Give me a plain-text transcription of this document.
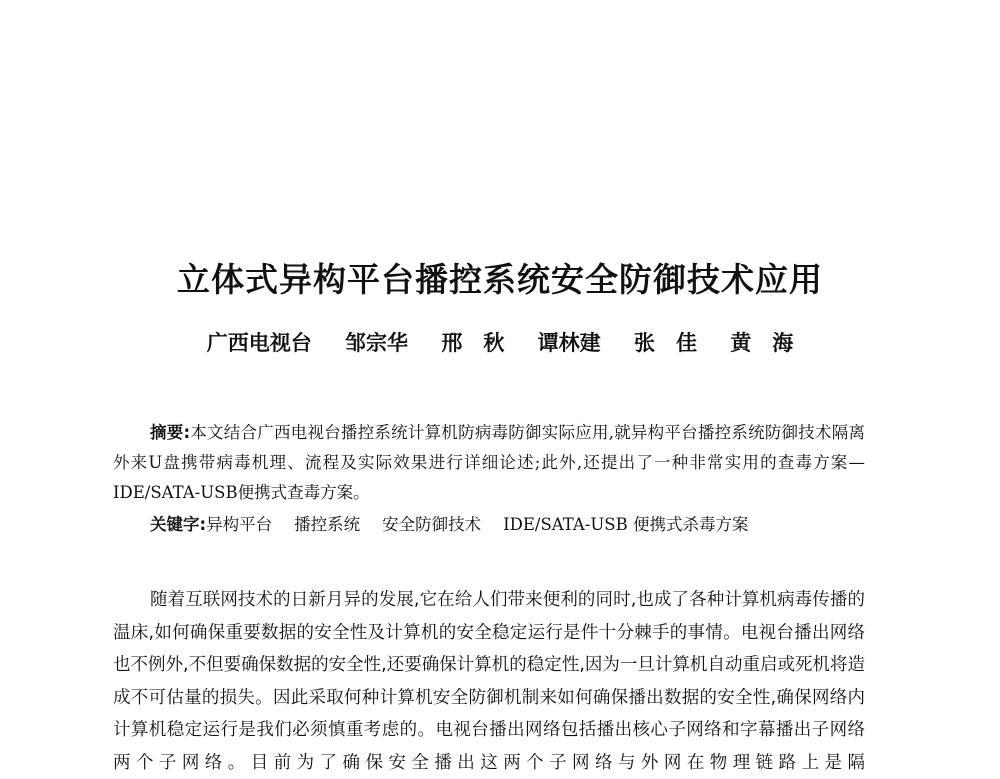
立体式异构平台播控系统安全防御技术应用
广西电视台 邹宗华 邢　秋 谭林建 张　佳 黄　海

摘要:本文结合广西电视台播控系统计算机防病毒防御实际应用,就异构平台播控系统防御技术隔离外来U盘携带病毒机理、流程及实际效果进行详细论述;此外,还提出了一种非常实用的查毒方案—IDE/SATA-USB便携式查毒方案。

关键字:异构平台 播控系统 安全防御技术 IDE/SATA-USB 便携式杀毒方案

随着互联网技术的日新月异的发展,它在给人们带来便利的同时,也成了各种计算机病毒传播的温床,如何确保重要数据的安全性及计算机的安全稳定运行是件十分棘手的事情。电视台播出网络也不例外,不但要确保数据的安全性,还要确保计算机的稳定性,因为一旦计算机自动重启或死机将造成不可估量的损失。因此采取何种计算机安全防御机制来如何确保播出数据的安全性,确保网络内计算机稳定运行是我们必须慎重考虑的。电视台播出网络包括播出核心子网络和字幕播出子网络两个子网络。目前为了确保安全播出这两个子网络与外网在物理链路上是隔
